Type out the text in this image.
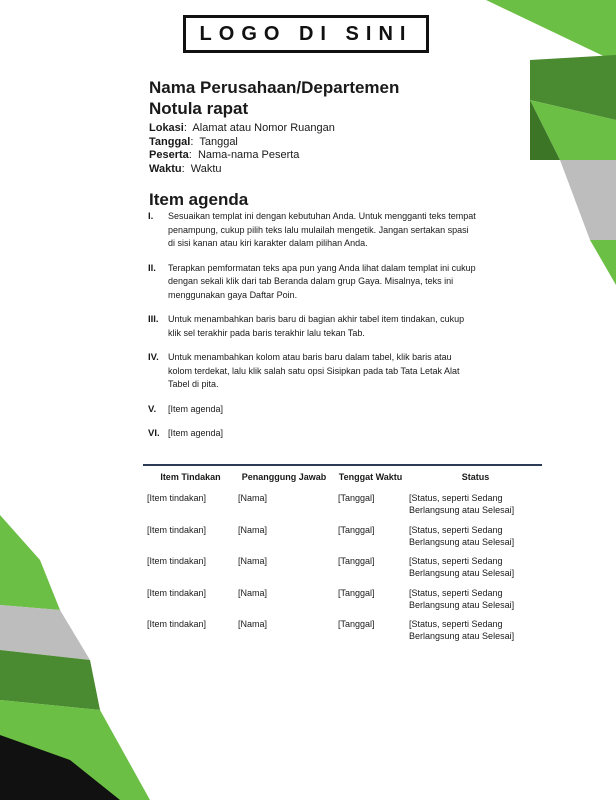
LOGO DI SINI
Nama Perusahaan/Departemen
Notula rapat
Lokasi:  Alamat atau Nomor Ruangan
Tanggal:  Tanggal
Peserta:  Nama-nama Peserta
Waktu:  Waktu
Item agenda
I.	Sesuaikan templat ini dengan kebutuhan Anda. Untuk mengganti teks tempat penampung, cukup pilih teks lalu mulailah mengetik. Jangan sertakan spasi di sisi kanan atau kiri karakter dalam pilihan Anda.
II.	Terapkan pemformatan teks apa pun yang Anda lihat dalam templat ini cukup dengan sekali klik dari tab Beranda dalam grup Gaya. Misalnya, teks ini menggunakan gaya Daftar Poin.
III.	Untuk menambahkan baris baru di bagian akhir tabel item tindakan, cukup klik sel terakhir pada baris terakhir lalu tekan Tab.
IV.	Untuk menambahkan kolom atau baris baru dalam tabel, klik baris atau kolom terdekat, lalu klik salah satu opsi Sisipkan pada tab Tata Letak Alat Tabel di pita.
V.	[Item agenda]
VI. [Item agenda]
Item Tindakan	Penanggung Jawab	Tenggat Waktu	Status
[Item tindakan]	[Nama]	[Tanggal]	[Status, seperti Sedang Berlangsung atau Selesai]
[Item tindakan]	[Nama]	[Tanggal]	[Status, seperti Sedang Berlangsung atau Selesai]
[Item tindakan]	[Nama]	[Tanggal]	[Status, seperti Sedang Berlangsung atau Selesai]
[Item tindakan]	[Nama]	[Tanggal]	[Status, seperti Sedang Berlangsung atau Selesai]
[Item tindakan]	[Nama]	[Tanggal]	[Status, seperti Sedang Berlangsung atau Selesai]
